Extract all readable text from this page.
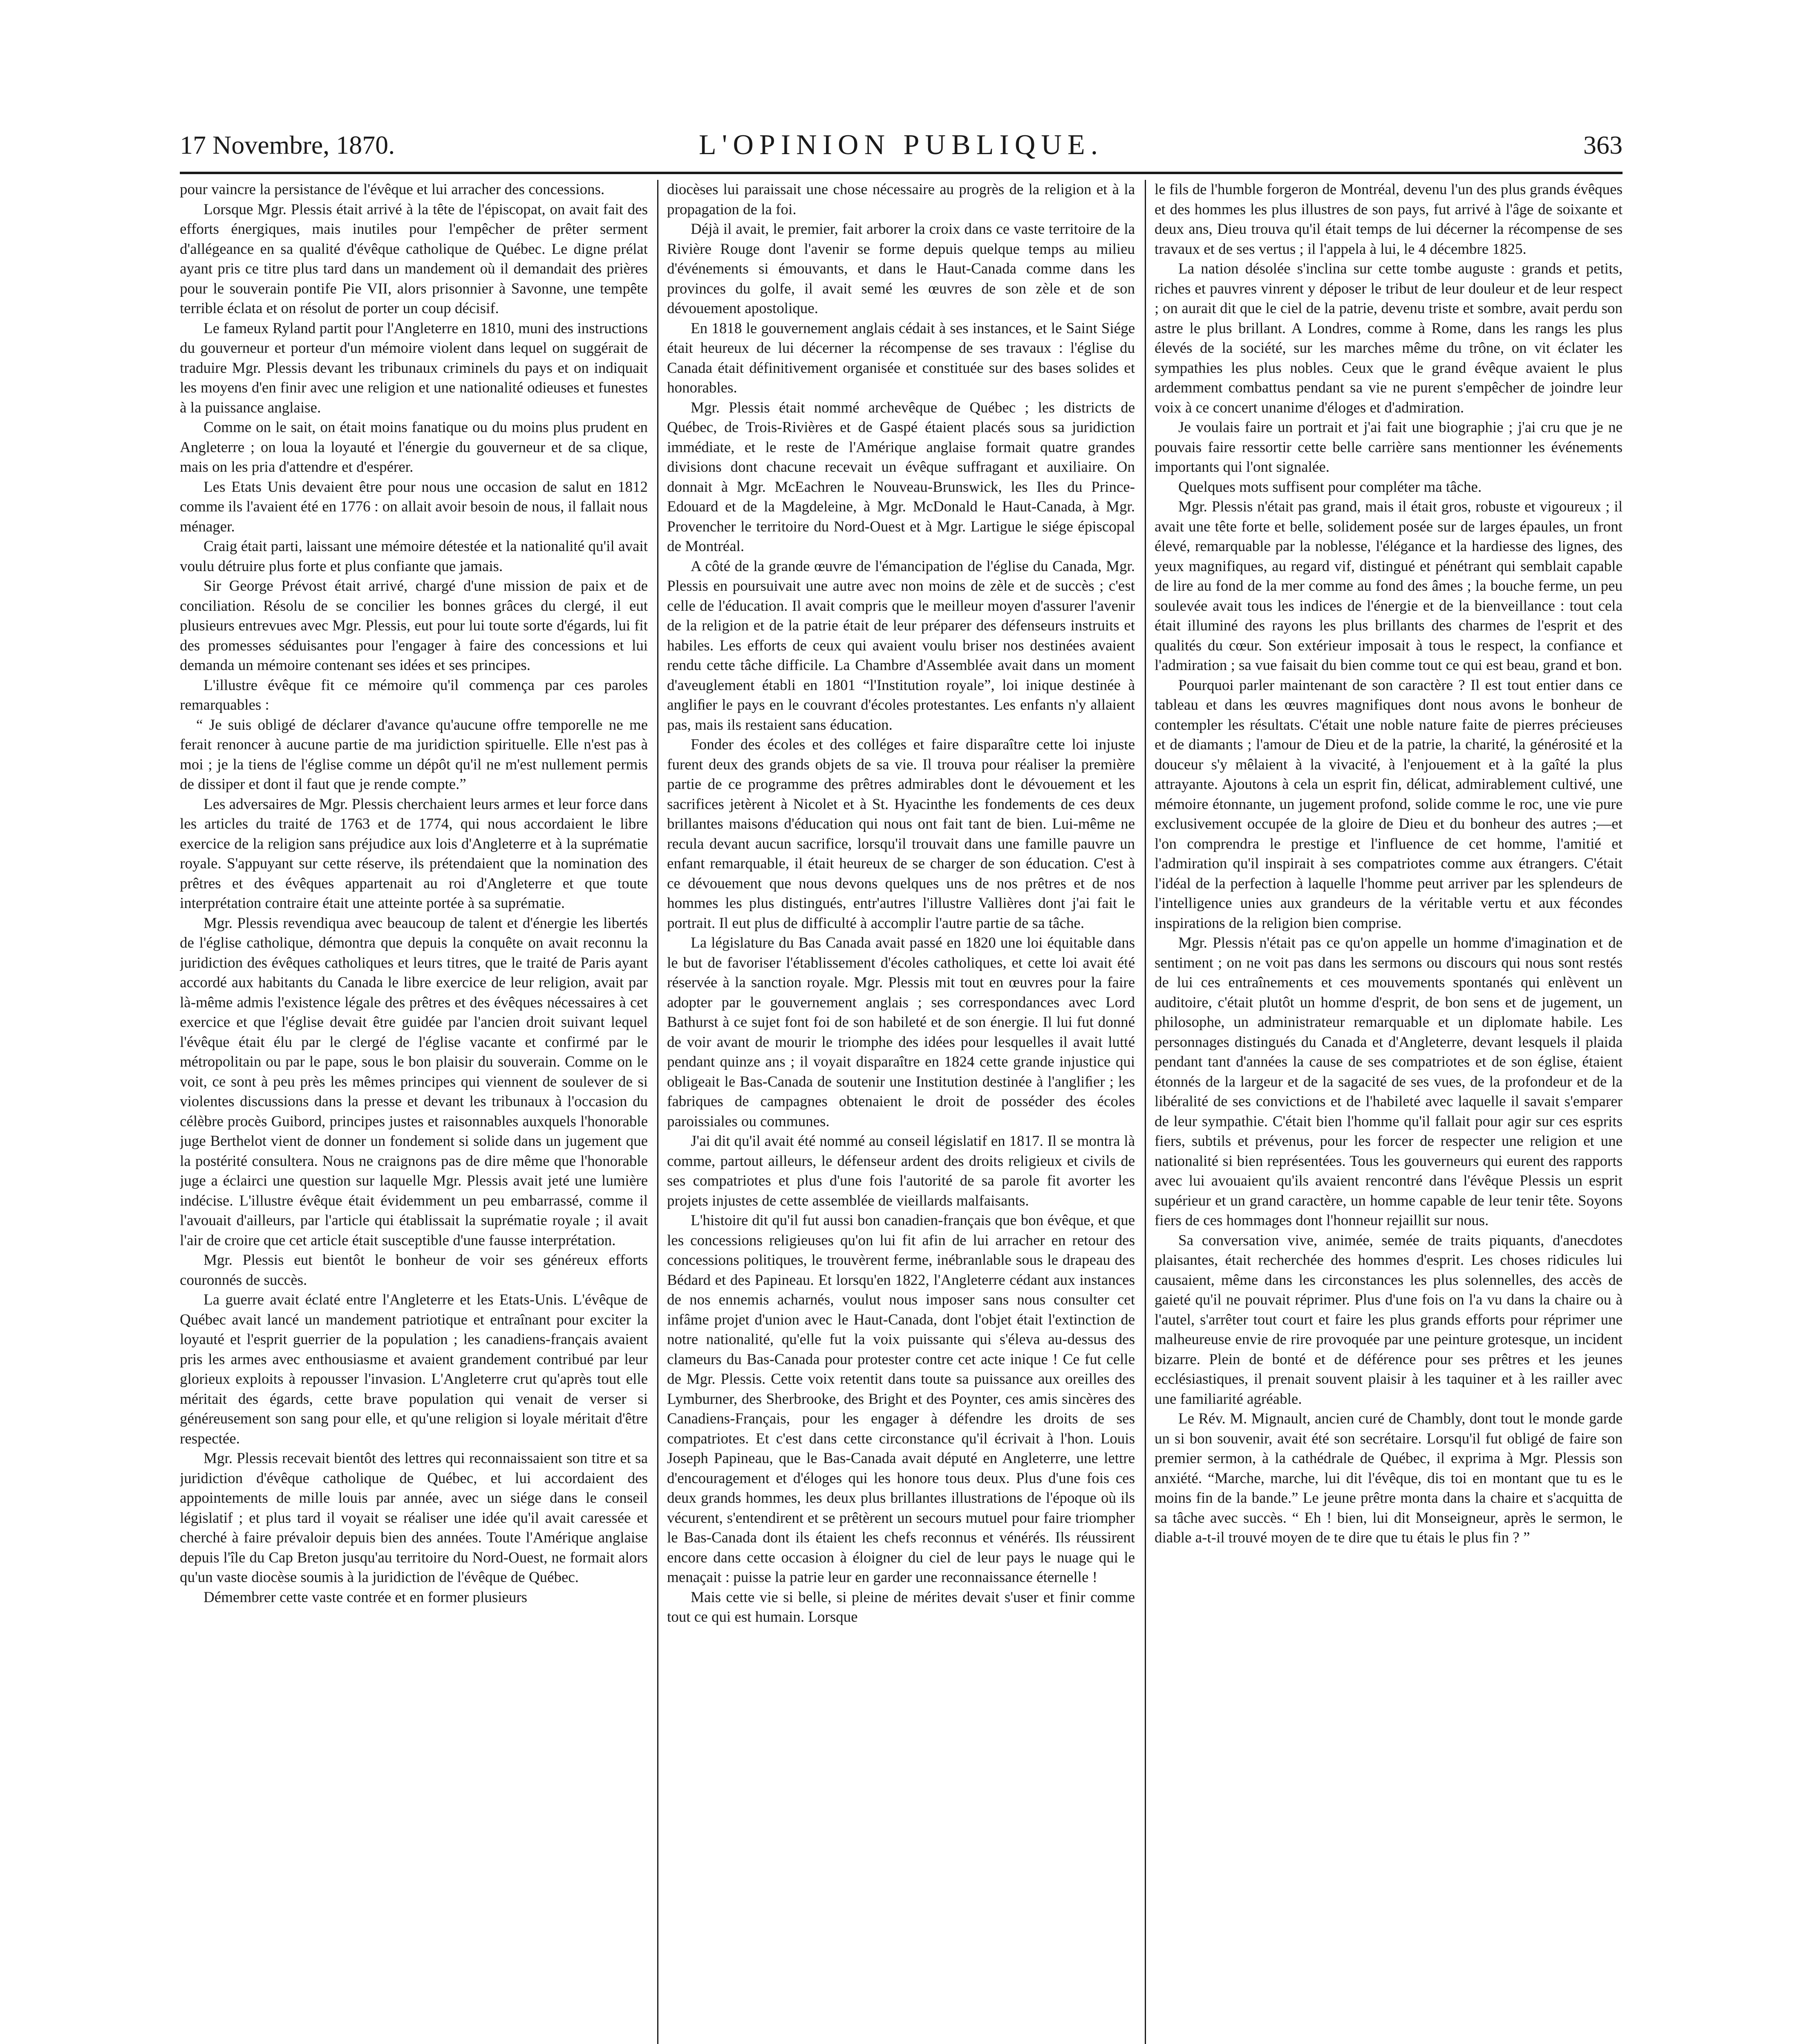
17 Novembre, 1870.	L'OPINION PUBLIQUE.	363

pour vaincre la persistance de l'évêque et lui arracher des concessions.

Lorsque Mgr. Plessis était arrivé à la tête de l'épiscopat, on avait fait des efforts énergiques, mais inutiles pour l'empêcher de prêter serment d'allégeance en sa qualité d'évêque catholique de Québec. Le digne prélat ayant pris ce titre plus tard dans un mandement où il demandait des prières pour le souverain pontife Pie VII, alors prisonnier à Savonne, une tempête terrible éclata et on résolut de porter un coup décisif.

Le fameux Ryland partit pour l'Angleterre en 1810, muni des instructions du gouverneur et porteur d'un mémoire violent dans lequel on suggérait de traduire Mgr. Plessis devant les tribunaux criminels du pays et on indiquait les moyens d'en finir avec une religion et une nationalité odieuses et funestes à la puissance anglaise.

Comme on le sait, on était moins fanatique ou du moins plus prudent en Angleterre ; on loua la loyauté et l'énergie du gouverneur et de sa clique, mais on les pria d'attendre et d'espérer.

Les Etats Unis devaient être pour nous une occasion de salut en 1812 comme ils l'avaient été en 1776 : on allait avoir besoin de nous, il fallait nous ménager.

Craig était parti, laissant une mémoire détestée et la nationalité qu'il avait voulu détruire plus forte et plus confiante que jamais.

Sir George Prévost était arrivé, chargé d'une mission de paix et de conciliation. Résolu de se concilier les bonnes grâces du clergé, il eut plusieurs entrevues avec Mgr. Plessis, eut pour lui toute sorte d'égards, lui fit des promesses séduisantes pour l'engager à faire des concessions et lui demanda un mémoire contenant ses idées et ses principes.

L'illustre évêque fit ce mémoire qu'il commença par ces paroles remarquables :

“ Je suis obligé de déclarer d'avance qu'aucune offre temporelle ne me ferait renoncer à aucune partie de ma juridiction spirituelle. Elle n'est pas à moi ; je la tiens de l'église comme un dépôt qu'il ne m'est nullement permis de dissiper et dont il faut que je rende compte.”

Les adversaires de Mgr. Plessis cherchaient leurs armes et leur force dans les articles du traité de 1763 et de 1774, qui nous accordaient le libre exercice de la religion sans préjudice aux lois d'Angleterre et à la suprématie royale. S'appuyant sur cette réserve, ils prétendaient que la nomination des prêtres et des évêques appartenait au roi d'Angleterre et que toute interprétation contraire était une atteinte portée à sa suprématie.

Mgr. Plessis revendiqua avec beaucoup de talent et d'énergie les libertés de l'église catholique, démontra que depuis la conquête on avait reconnu la juridiction des évêques catholiques et leurs titres, que le traité de Paris ayant accordé aux habitants du Canada le libre exercice de leur religion, avait par là-même admis l'existence légale des prêtres et des évêques nécessaires à cet exercice et que l'église devait être guidée par l'ancien droit suivant lequel l'évêque était élu par le clergé de l'église vacante et confirmé par le métropolitain ou par le pape, sous le bon plaisir du souverain. Comme on le voit, ce sont à peu près les mêmes principes qui viennent de soulever de si violentes discussions dans la presse et devant les tribunaux à l'occasion du célèbre procès Guibord, principes justes et raisonnables auxquels l'honorable juge Berthelot vient de donner un fondement si solide dans un jugement que la postérité consultera. Nous ne craignons pas de dire même que l'honorable juge a éclairci une question sur laquelle Mgr. Plessis avait jeté une lumière indécise. L'illustre évêque était évidemment un peu embarrassé, comme il l'avouait d'ailleurs, par l'article qui établissait la suprématie royale ; il avait l'air de croire que cet article était susceptible d'une fausse interprétation.

Mgr. Plessis eut bientôt le bonheur de voir ses généreux efforts couronnés de succès.

La guerre avait éclaté entre l'Angleterre et les Etats-Unis. L'évêque de Québec avait lancé un mandement patriotique et entraînant pour exciter la loyauté et l'esprit guerrier de la population ; les canadiens-français avaient pris les armes avec enthousiasme et avaient grandement contribué par leur glorieux exploits à repousser l'invasion. L'Angleterre crut qu'après tout elle méritait des égards, cette brave population qui venait de verser si généreusement son sang pour elle, et qu'une religion si loyale méritait d'être respectée.

Mgr. Plessis recevait bientôt des lettres qui reconnaissaient son titre et sa juridiction d'évêque catholique de Québec, et lui accordaient des appointements de mille louis par année, avec un siége dans le conseil législatif ; et plus tard il voyait se réaliser une idée qu'il avait caressée et cherché à faire prévaloir depuis bien des années. Toute l'Amérique anglaise depuis l'île du Cap Breton jusqu'au territoire du Nord-Ouest, ne formait alors qu'un vaste diocèse soumis à la juridiction de l'évêque de Québec.

Démembrer cette vaste contrée et en former plusieurs

diocèses lui paraissait une chose nécessaire au progrès de la religion et à la propagation de la foi.

Déjà il avait, le premier, fait arborer la croix dans ce vaste territoire de la Rivière Rouge dont l'avenir se forme depuis quelque temps au milieu d'événements si émouvants, et dans le Haut-Canada comme dans les provinces du golfe, il avait semé les œuvres de son zèle et de son dévouement apostolique.

En 1818 le gouvernement anglais cédait à ses instances, et le Saint Siége était heureux de lui décerner la récompense de ses travaux : l'église du Canada était définitivement organisée et constituée sur des bases solides et honorables.

Mgr. Plessis était nommé archevêque de Québec ; les districts de Québec, de Trois-Rivières et de Gaspé étaient placés sous sa juridiction immédiate, et le reste de l'Amérique anglaise formait quatre grandes divisions dont chacune recevait un évêque suffragant et auxiliaire. On donnait à Mgr. McEachren le Nouveau-Brunswick, les Iles du Prince-Edouard et de la Magdeleine, à Mgr. McDonald le Haut-Canada, à Mgr. Provencher le territoire du Nord-Ouest et à Mgr. Lartigue le siége épiscopal de Montréal.

A côté de la grande œuvre de l'émancipation de l'église du Canada, Mgr. Plessis en poursuivait une autre avec non moins de zèle et de succès ; c'est celle de l'éducation. Il avait compris que le meilleur moyen d'assurer l'avenir de la religion et de la patrie était de leur préparer des défenseurs instruits et habiles. Les efforts de ceux qui avaient voulu briser nos destinées avaient rendu cette tâche difficile. La Chambre d'Assemblée avait dans un moment d'aveuglement établi en 1801 “l'Institution royale”, loi inique destinée à angliﬁer le pays en le couvrant d'écoles protestantes. Les enfants n'y allaient pas, mais ils restaient sans éducation.

Fonder des écoles et des colléges et faire disparaître cette loi injuste furent deux des grands objets de sa vie. Il trouva pour réaliser la première partie de ce programme des prêtres admirables dont le dévouement et les sacrifices jetèrent à Nicolet et à St. Hyacinthe les fondements de ces deux brillantes maisons d'éducation qui nous ont fait tant de bien. Lui-même ne recula devant aucun sacrifice, lorsqu'il trouvait dans une famille pauvre un enfant remarquable, il était heureux de se charger de son éducation. C'est à ce dévouement que nous devons quelques uns de nos prêtres et de nos hommes les plus distingués, entr'autres l'illustre Vallières dont j'ai fait le portrait. Il eut plus de difficulté à accomplir l'autre partie de sa tâche.

La législature du Bas Canada avait passé en 1820 une loi équitable dans le but de favoriser l'établissement d'écoles catholiques, et cette loi avait été réservée à la sanction royale. Mgr. Plessis mit tout en œuvres pour la faire adopter par le gouvernement anglais ; ses correspondances avec Lord Bathurst à ce sujet font foi de son habileté et de son énergie. Il lui fut donné de voir avant de mourir le triomphe des idées pour lesquelles il avait lutté pendant quinze ans ; il voyait disparaître en 1824 cette grande injustice qui obligeait le Bas-Canada de soutenir une Institution destinée à l'angliﬁer ; les fabriques de campagnes obtenaient le droit de posséder des écoles paroissiales ou communes.

J'ai dit qu'il avait été nommé au conseil législatif en 1817. Il se montra là comme, partout ailleurs, le défenseur ardent des droits religieux et civils de ses compatriotes et plus d'une fois l'autorité de sa parole fit avorter les projets injustes de cette assemblée de vieillards malfaisants.

L'histoire dit qu'il fut aussi bon canadien-français que bon évêque, et que les concessions religieuses qu'on lui fit afin de lui arracher en retour des concessions politiques, le trouvèrent ferme, inébranlable sous le drapeau des Bédard et des Papineau. Et lorsqu'en 1822, l'Angleterre cédant aux instances de nos ennemis acharnés, voulut nous imposer sans nous consulter cet infâme projet d'union avec le Haut-Canada, dont l'objet était l'extinction de notre nationalité, qu'elle fut la voix puissante qui s'éleva au-dessus des clameurs du Bas-Canada pour protester contre cet acte inique ! Ce fut celle de Mgr. Plessis. Cette voix retentit dans toute sa puissance aux oreilles des Lymburner, des Sherbrooke, des Bright et des Poynter, ces amis sincères des Canadiens-Français, pour les engager à défendre les droits de ses compatriotes. Et c'est dans cette circonstance qu'il écrivait à l'hon. Louis Joseph Papineau, que le Bas-Canada avait député en Angleterre, une lettre d'encouragement et d'éloges qui les honore tous deux. Plus d'une fois ces deux grands hommes, les deux plus brillantes illustrations de l'époque où ils vécurent, s'entendirent et se prêtèrent un secours mutuel pour faire triompher le Bas-Canada dont ils étaient les chefs reconnus et vénérés. Ils réussirent encore dans cette occasion à éloigner du ciel de leur pays le nuage qui le menaçait : puisse la patrie leur en garder une reconnaissance éternelle !

Mais cette vie si belle, si pleine de mérites devait s'user et finir comme tout ce qui est humain. Lorsque

le fils de l'humble forgeron de Montréal, devenu l'un des plus grands évêques et des hommes les plus illustres de son pays, fut arrivé à l'âge de soixante et deux ans, Dieu trouva qu'il était temps de lui décerner la récompense de ses travaux et de ses vertus ; il l'appela à lui, le 4 décembre 1825.

La nation désolée s'inclina sur cette tombe auguste : grands et petits, riches et pauvres vinrent y déposer le tribut de leur douleur et de leur respect ; on aurait dit que le ciel de la patrie, devenu triste et sombre, avait perdu son astre le plus brillant. A Londres, comme à Rome, dans les rangs les plus élevés de la société, sur les marches même du trône, on vit éclater les sympathies les plus nobles. Ceux que le grand évêque avaient le plus ardemment combattus pendant sa vie ne purent s'empêcher de joindre leur voix à ce concert unanime d'éloges et d'admiration.

Je voulais faire un portrait et j'ai fait une biographie ; j'ai cru que je ne pouvais faire ressortir cette belle carrière sans mentionner les événements importants qui l'ont signalée.

Quelques mots suffisent pour compléter ma tâche.

Mgr. Plessis n'était pas grand, mais il était gros, robuste et vigoureux ; il avait une tête forte et belle, solidement posée sur de larges épaules, un front élevé, remarquable par la noblesse, l'élégance et la hardiesse des lignes, des yeux magnifiques, au regard vif, distingué et pénétrant qui semblait capable de lire au fond de la mer comme au fond des âmes ; la bouche ferme, un peu soulevée avait tous les indices de l'énergie et de la bienveillance : tout cela était illuminé des rayons les plus brillants des charmes de l'esprit et des qualités du cœur. Son extérieur imposait à tous le respect, la confiance et l'admiration ; sa vue faisait du bien comme tout ce qui est beau, grand et bon.

Pourquoi parler maintenant de son caractère ? Il est tout entier dans ce tableau et dans les œuvres magnifiques dont nous avons le bonheur de contempler les résultats. C'était une noble nature faite de pierres précieuses et de diamants ; l'amour de Dieu et de la patrie, la charité, la générosité et la douceur s'y mêlaient à la vivacité, à l'enjouement et à la gaîté la plus attrayante. Ajoutons à cela un esprit fin, délicat, admirablement cultivé, une mémoire étonnante, un jugement profond, solide comme le roc, une vie pure exclusivement occupée de la gloire de Dieu et du bonheur des autres ;—et l'on comprendra le prestige et l'influence de cet homme, l'amitié et l'admiration qu'il inspirait à ses compatriotes comme aux étrangers. C'était l'idéal de la perfection à laquelle l'homme peut arriver par les splendeurs de l'intelligence unies aux grandeurs de la véritable vertu et aux fécondes inspirations de la religion bien comprise.

Mgr. Plessis n'était pas ce qu'on appelle un homme d'imagination et de sentiment ; on ne voit pas dans les sermons ou discours qui nous sont restés de lui ces entraînements et ces mouvements spontanés qui enlèvent un auditoire, c'était plutôt un homme d'esprit, de bon sens et de jugement, un philosophe, un administrateur remarquable et un diplomate habile. Les personnages distingués du Canada et d'Angleterre, devant lesquels il plaida pendant tant d'années la cause de ses compatriotes et de son église, étaient étonnés de la largeur et de la sagacité de ses vues, de la profondeur et de la libéralité de ses convictions et de l'habileté avec laquelle il savait s'emparer de leur sympathie. C'était bien l'homme qu'il fallait pour agir sur ces esprits fiers, subtils et prévenus, pour les forcer de respecter une religion et une nationalité si bien représentées. Tous les gouverneurs qui eurent des rapports avec lui avouaient qu'ils avaient rencontré dans l'évêque Plessis un esprit supérieur et un grand caractère, un homme capable de leur tenir tête. Soyons fiers de ces hommages dont l'honneur rejaillit sur nous.

Sa conversation vive, animée, semée de traits piquants, d'anecdotes plaisantes, était recherchée des hommes d'esprit. Les choses ridicules lui causaient, même dans les circonstances les plus solennelles, des accès de gaieté qu'il ne pouvait réprimer. Plus d'une fois on l'a vu dans la chaire ou à l'autel, s'arrêter tout court et faire les plus grands efforts pour réprimer une malheureuse envie de rire provoquée par une peinture grotesque, un incident bizarre. Plein de bonté et de déférence pour ses prêtres et les jeunes ecclésiastiques, il prenait souvent plaisir à les taquiner et à les railler avec une familiarité agréable.

Le Rév. M. Mignault, ancien curé de Chambly, dont tout le monde garde un si bon souvenir, avait été son secrétaire. Lorsqu'il fut obligé de faire son premier sermon, à la cathédrale de Québec, il exprima à Mgr. Plessis son anxiété. “Marche, marche, lui dit l'évêque, dis toi en montant que tu es le moins fin de la bande.” Le jeune prêtre monta dans la chaire et s'acquitta de sa tâche avec succès. “ Eh ! bien, lui dit Monseigneur, après le sermon, le diable a-t-il trouvé moyen de te dire que tu étais le plus fin ? ”
